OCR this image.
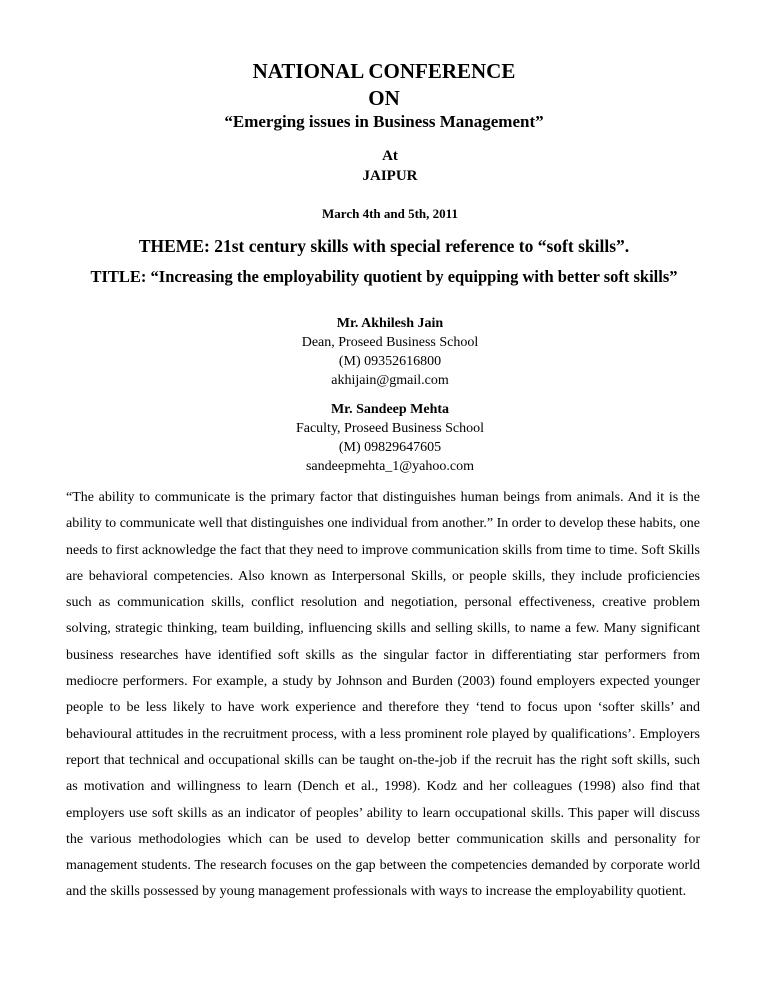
NATIONAL CONFERENCE
ON
“Emerging issues in Business Management”
At
JAIPUR
March 4th and 5th, 2011
THEME: 21st century skills with special reference to “soft skills”.
TITLE: “Increasing the employability quotient by equipping with better soft skills”
Mr. Akhilesh Jain
Dean, Proseed Business School
(M) 09352616800
akhijain@gmail.com
Mr. Sandeep Mehta
Faculty, Proseed Business School
(M) 09829647605
sandeepmehta_1@yahoo.com

“The ability to communicate is the primary factor that distinguishes human beings from animals. And it is the ability to communicate well that distinguishes one individual from another.” In order to develop these habits, one needs to first acknowledge the fact that they need to improve communication skills from time to time. Soft Skills are behavioral competencies. Also known as Interpersonal Skills, or people skills, they include proficiencies such as communication skills, conflict resolution and negotiation, personal effectiveness, creative problem solving, strategic thinking, team building, influencing skills and selling skills, to name a few. Many significant business researches have identified soft skills as the singular factor in differentiating star performers from mediocre performers. For example, a study by Johnson and Burden (2003) found employers expected younger people to be less likely to have work experience and therefore they ‘tend to focus upon ‘softer skills’ and behavioural attitudes in the recruitment process, with a less prominent role played by qualifications’. Employers report that technical and occupational skills can be taught on-the-job if the recruit has the right soft skills, such as motivation and willingness to learn (Dench et al., 1998). Kodz and her colleagues (1998) also find that employers use soft skills as an indicator of peoples’ ability to learn occupational skills. This paper will discuss the various methodologies which can be used to develop better communication skills and personality for management students. The research focuses on the gap between the competencies demanded by corporate world and the skills possessed by young management professionals with ways to increase the employability quotient.
